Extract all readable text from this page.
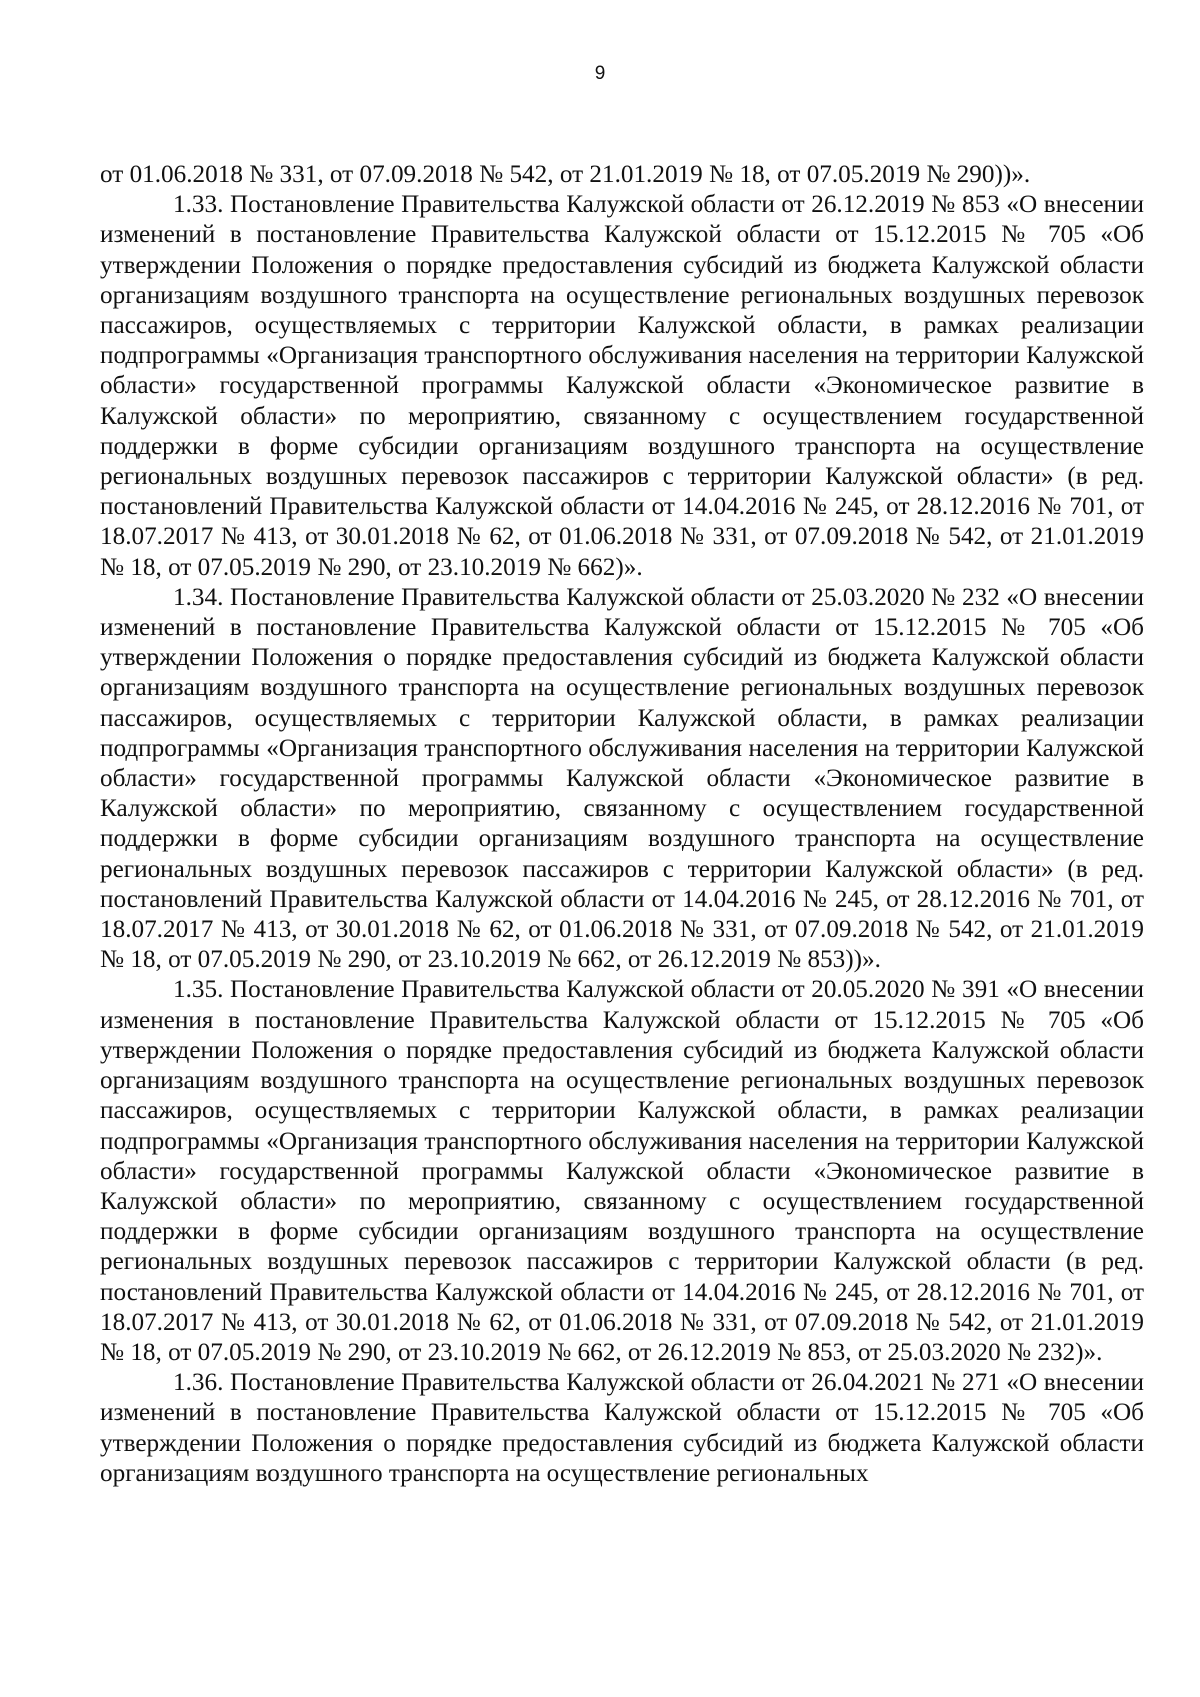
9

от 01.06.2018 № 331, от 07.09.2018 № 542, от 21.01.2019 № 18, от 07.05.2019 № 290))».

1.33. Постановление Правительства Калужской области от 26.12.2019 № 853 «О внесении изменений в постановление Правительства Калужской области от 15.12.2015 № 705 «Об утверждении Положения о порядке предоставления субсидий из бюджета Калужской области организациям воздушного транспорта на осуществление региональных воздушных перевозок пассажиров, осуществляемых с территории Калужской области, в рамках реализации подпрограммы «Организация транспортного обслуживания населения на территории Калужской области» государственной программы Калужской области «Экономическое развитие в Калужской области» по мероприятию, связанному с осуществлением государственной поддержки в форме субсидии организациям воздушного транспорта на осуществление региональных воздушных перевозок пассажиров с территории Калужской области» (в ред. постановлений Правительства Калужской области от 14.04.2016 № 245, от 28.12.2016 № 701, от 18.07.2017 № 413, от 30.01.2018 № 62, от 01.06.2018 № 331, от 07.09.2018 № 542, от 21.01.2019 № 18, от 07.05.2019 № 290, от 23.10.2019 № 662)».

1.34. Постановление Правительства Калужской области от 25.03.2020 № 232 «О внесении изменений в постановление Правительства Калужской области от 15.12.2015 № 705 «Об утверждении Положения о порядке предоставления субсидий из бюджета Калужской области организациям воздушного транспорта на осуществление региональных воздушных перевозок пассажиров, осуществляемых с территории Калужской области, в рамках реализации подпрограммы «Организация транспортного обслуживания населения на территории Калужской области» государственной программы Калужской области «Экономическое развитие в Калужской области» по мероприятию, связанному с осуществлением государственной поддержки в форме субсидии организациям воздушного транспорта на осуществление региональных воздушных перевозок пассажиров с территории Калужской области» (в ред. постановлений Правительства Калужской области от 14.04.2016 № 245, от 28.12.2016 № 701, от 18.07.2017 № 413, от 30.01.2018 № 62, от 01.06.2018 № 331, от 07.09.2018 № 542, от 21.01.2019 № 18, от 07.05.2019 № 290, от 23.10.2019 № 662, от 26.12.2019 № 853))».

1.35. Постановление Правительства Калужской области от 20.05.2020 № 391 «О внесении изменения в постановление Правительства Калужской области от 15.12.2015 № 705 «Об утверждении Положения о порядке предоставления субсидий из бюджета Калужской области организациям воздушного транспорта на осуществление региональных воздушных перевозок пассажиров, осуществляемых с территории Калужской области, в рамках реализации подпрограммы «Организация транспортного обслуживания населения на территории Калужской области» государственной программы Калужской области «Экономическое развитие в Калужской области» по мероприятию, связанному с осуществлением государственной поддержки в форме субсидии организациям воздушного транспорта на осуществление региональных воздушных перевозок пассажиров с территории Калужской области (в ред. постановлений Правительства Калужской области от 14.04.2016 № 245, от 28.12.2016 № 701, от 18.07.2017 № 413, от 30.01.2018 № 62, от 01.06.2018 № 331, от 07.09.2018 № 542, от 21.01.2019 № 18, от 07.05.2019 № 290, от 23.10.2019 № 662, от 26.12.2019 № 853, от 25.03.2020 № 232)».

1.36. Постановление Правительства Калужской области от 26.04.2021 № 271 «О внесении изменений в постановление Правительства Калужской области от 15.12.2015 № 705 «Об утверждении Положения о порядке предоставления субсидий из бюджета Калужской области организациям воздушного транспорта на осуществление региональных
